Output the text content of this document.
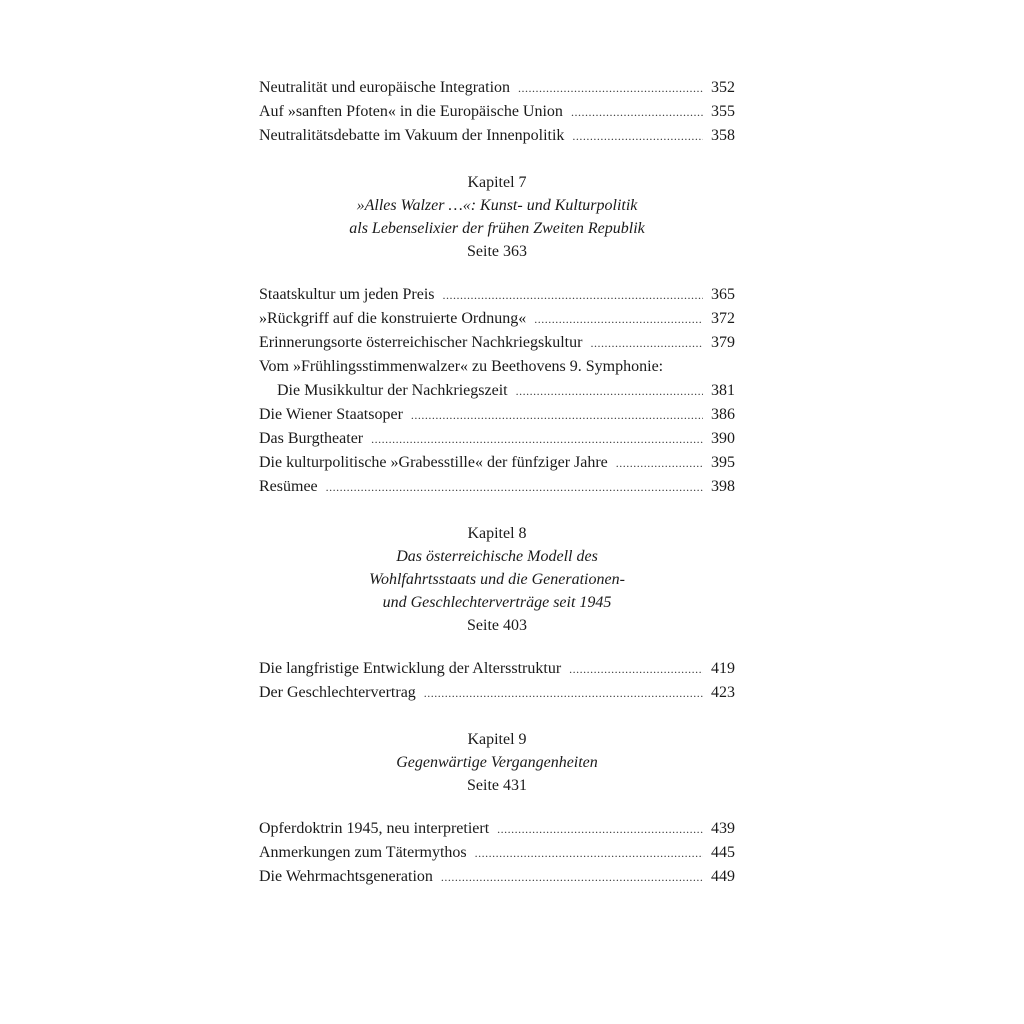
Neutralität und europäische Integration .....	352
Auf »sanften Pfoten« in die Europäische Union .....	355
Neutralitätsdebatte im Vakuum der Innenpolitik .....	358
Kapitel 7
»Alles Walzer …«: Kunst- und Kulturpolitik
als Lebenselixier der frühen Zweiten Republik
Seite 363
Staatskultur um jeden Preis .....	365
»Rückgriff auf die konstruierte Ordnung« .....	372
Erinnerungsorte österreichischer Nachkriegskultur .....	379
Vom »Frühlingsstimmenwalzer« zu Beethovens 9. Symphonie:
Die Musikkultur der Nachkriegszeit .....	381
Die Wiener Staatsoper .....	386
Das Burgtheater .....	390
Die kulturpolitische »Grabesstille« der fünfziger Jahre .....	395
Resümee .....	398
Kapitel 8
Das österreichische Modell des
Wohlfahrtsstaats und die Generationen-
und Geschlechterverträge seit 1945
Seite 403
Die langfristige Entwicklung der Altersstruktur .....	419
Der Geschlechtervertrag .....	423
Kapitel 9
Gegenwärtige Vergangenheiten
Seite 431
Opferdoktrin 1945, neu interpretiert .....	439
Anmerkungen zum Tätermythos .....	445
Die Wehrmachtsgeneration .....	449
